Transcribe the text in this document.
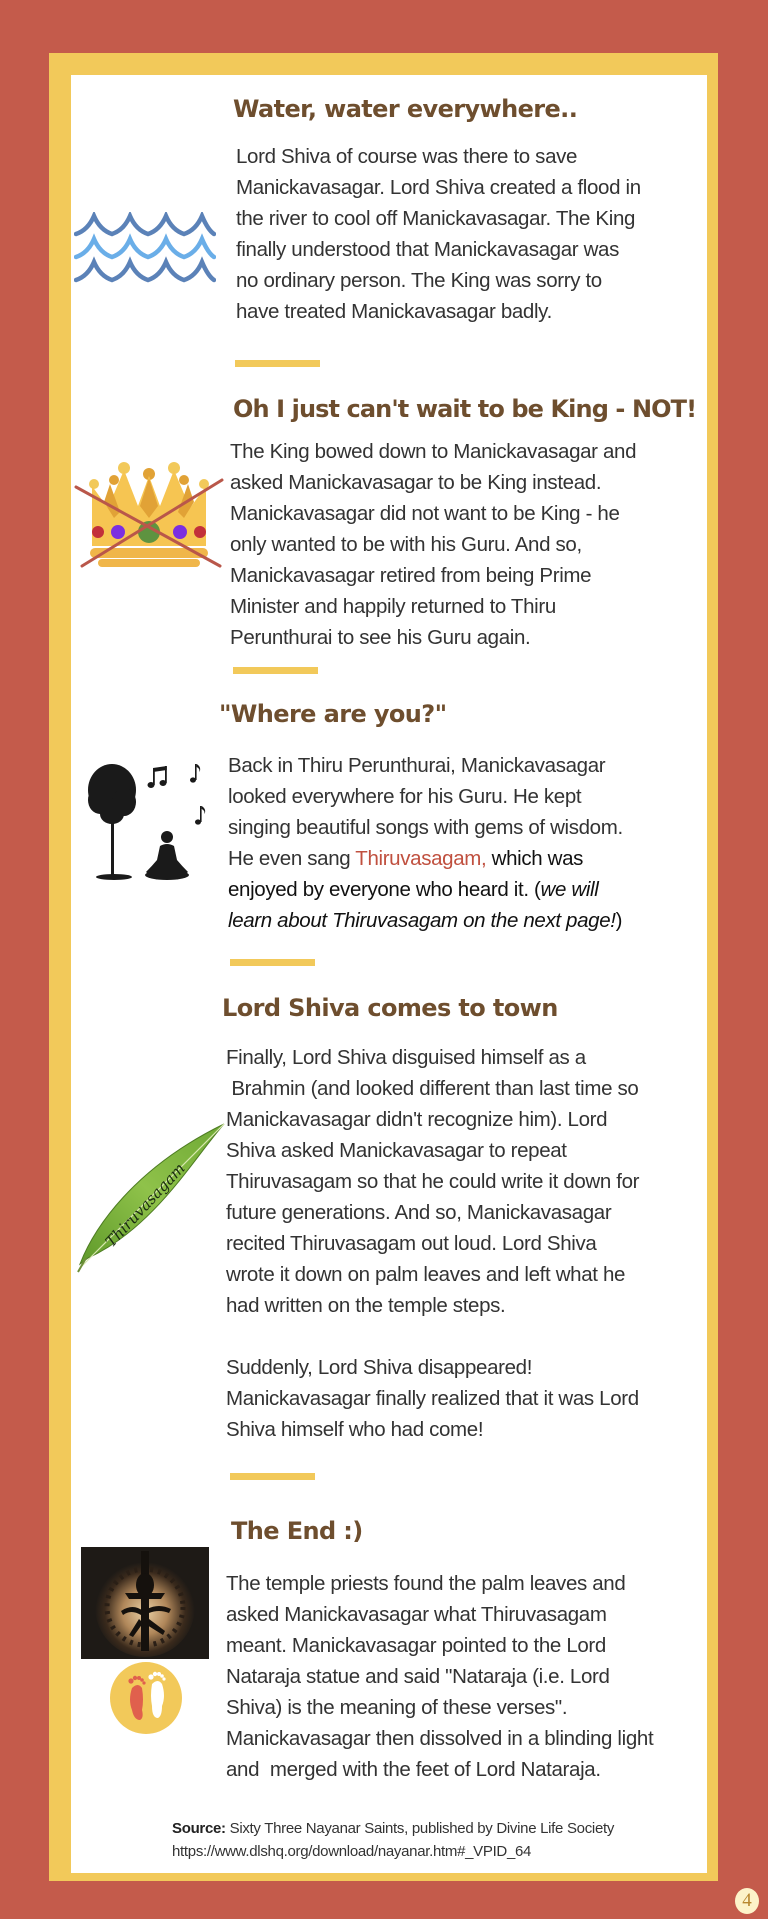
Water, water everywhere..
Lord Shiva of course was there to save
Manickavasagar. Lord Shiva created a flood in
the river to cool off Manickavasagar. The King
finally understood that Manickavasagar was
no ordinary person. The King was sorry to
have treated Manickavasagar badly.
Oh I just can't wait to be King - NOT!
The King bowed down to Manickavasagar and
asked Manickavasagar to be King instead.
Manickavasagar did not want to be King - he
only wanted to be with his Guru. And so,
Manickavasagar retired from being Prime
Minister and happily returned to Thiru
Perunthurai to see his Guru again.
"Where are you?"
Back in Thiru Perunthurai, Manickavasagar
looked everywhere for his Guru. He kept
singing beautiful songs with gems of wisdom.
He even sang Thiruvasagam, which was
enjoyed by everyone who heard it. (we will
learn about Thiruvasagam on the next page!)
Lord Shiva comes to town
Thiruvasagam
Finally, Lord Shiva disguised himself as a
Brahmin (and looked different than last time so
Manickavasagar didn't recognize him). Lord
Shiva asked Manickavasagar to repeat
Thiruvasagam so that he could write it down for
future generations. And so, Manickavasagar
recited Thiruvasagam out loud. Lord Shiva
wrote it down on palm leaves and left what he
had written on the temple steps.
Suddenly, Lord Shiva disappeared!
Manickavasagar finally realized that it was Lord
Shiva himself who had come!
The End :)
The temple priests found the palm leaves and
asked Manickavasagar what Thiruvasagam
meant. Manickavasagar pointed to the Lord
Nataraja statue and said "Nataraja (i.e. Lord
Shiva) is the meaning of these verses".
Manickavasagar then dissolved in a blinding light
and  merged with the feet of Lord Nataraja.
Source: Sixty Three Nayanar Saints, published by Divine Life Society
https://www.dlshq.org/download/nayanar.htm#_VPID_64
4
